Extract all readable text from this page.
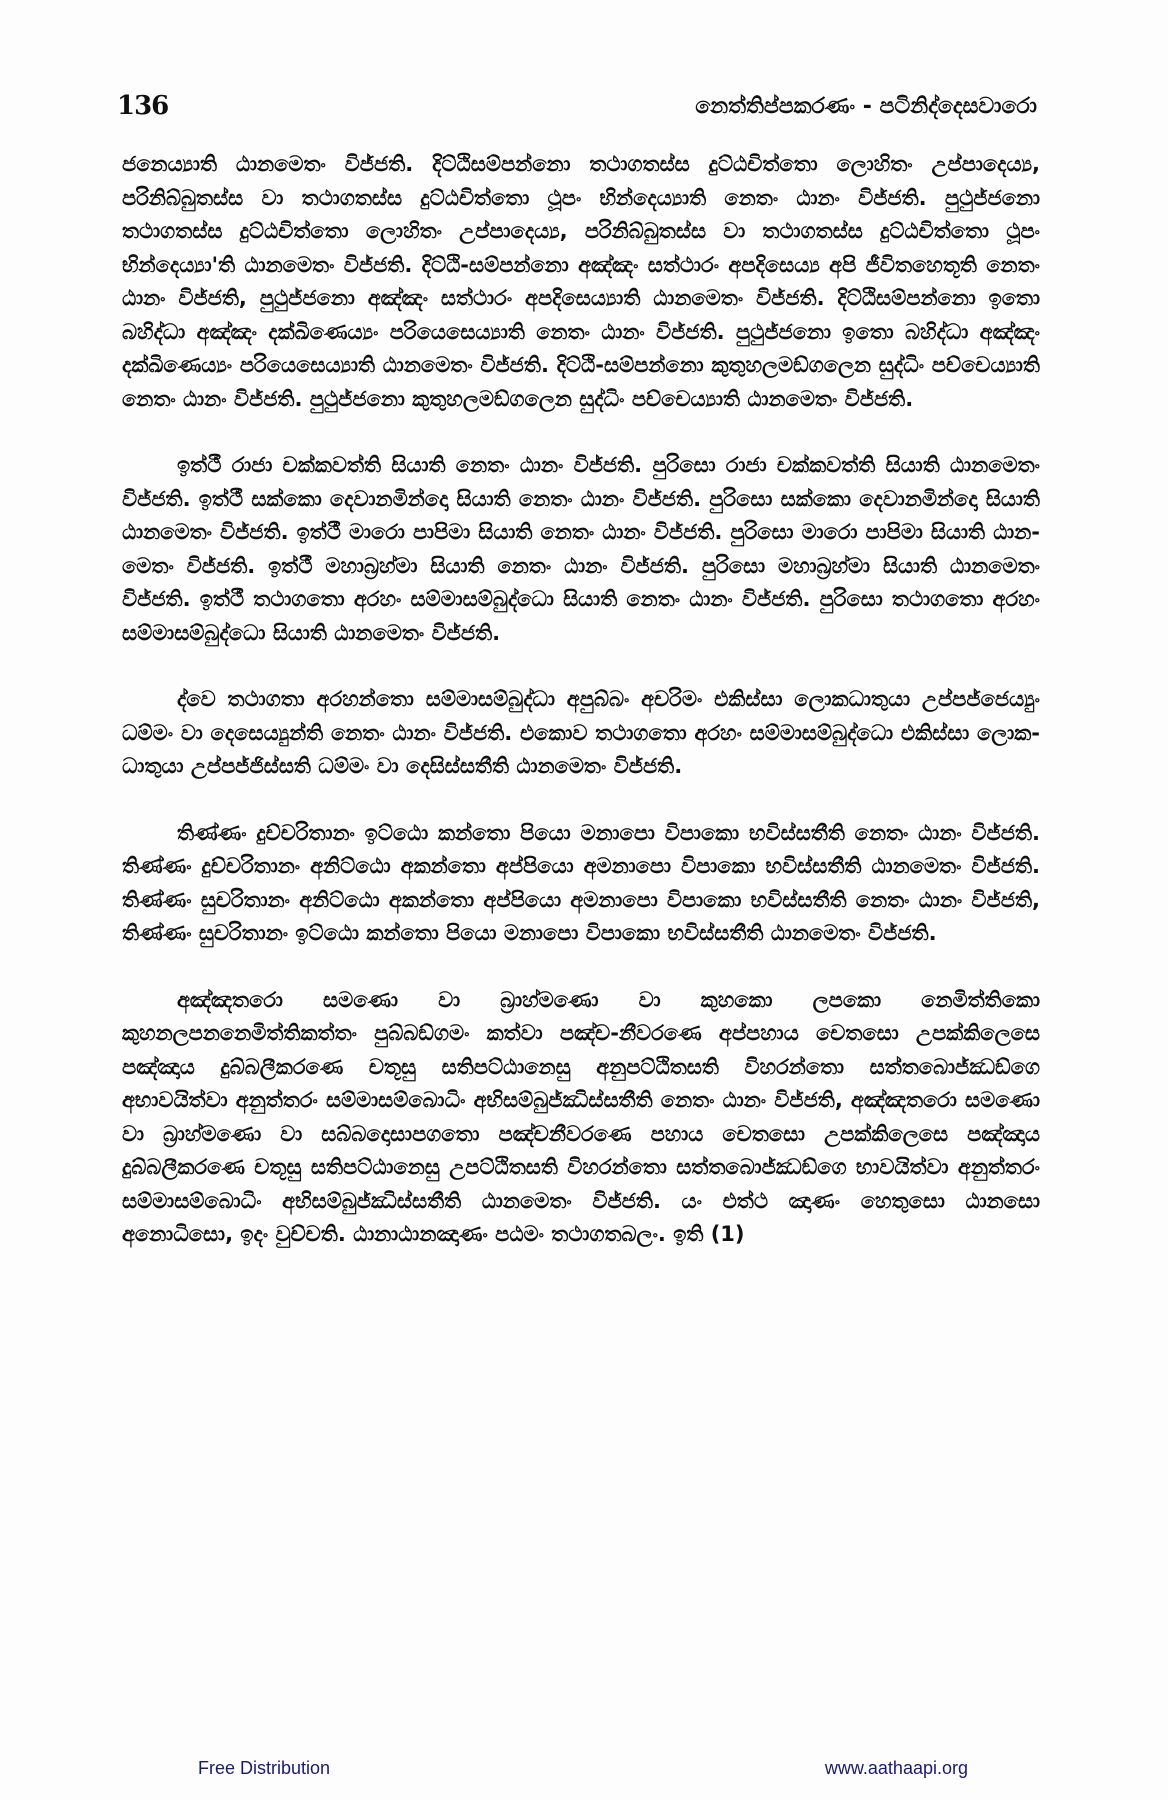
136	නෙත්තිප්පකරණං - පටිනිද්දෙසවාරො

ජනෙය්‍යාති ඨානමෙතං විජ්ජති. දිට්ඨිසම්පන්නො තථාගතස්ස දුට්ඨචිත්තො ලොහිතං උප්පාදෙය්‍ය, පරිනිබ්බුතස්ස වා තථාගතස්ස දුට්ඨචිත්තො ථූපං භින්දෙය්‍යාති නෙතං ඨානං විජ්ජති. පුථුජ්ජනො තථාගතස්ස දුට්ඨචිත්තො ලොහිතං උප්පාදෙය්‍ය, පරිනිබ්බුතස්ස වා තථාගතස්ස දුට්ඨචිත්තො ථූපං භින්දෙය්‍යා'ති ඨානමෙතං විජ්ජති. දිට්ඨි-සම්පන්නො අඤ්ඤං සත්ථාරං අපදිසෙය්‍ය අපි ජීවිතහෙතූති නෙතං ඨානං විජ්ජති, පුථුජ්ජනො අඤ්ඤං සත්ථාරං අපදිසෙය්‍යාති ඨානමෙතං විජ්ජති. දිට්ඨිසම්පන්නො ඉතො බහිද්ධා අඤ්ඤං දක්ඛිණෙය්‍යං පරියෙසෙය්‍යාති නෙතං ඨානං විජ්ජති. පුථුජ්ජනො ඉතො බහිද්ධා අඤ්ඤං දක්ඛිණෙය්‍යං පරියෙසෙය්‍යාති ඨානමෙතං විජ්ජති. දිට්ඨි-සම්පන්නො කුතුහලමඞ්ගලෙන සුද්ධිං පච්චෙය්‍යාති නෙතං ඨානං විජ්ජති. පුථුජ්ජනො කුතුහලමඞ්ගලෙන සුද්ධිං පච්චෙය්‍යාති ඨානමෙතං විජ්ජති.

ඉත්ථී රාජා චක්කවත්ති සියාති නෙතං ඨානං විජ්ජති. පුරිසො රාජා චක්කවත්ති සියාති ඨානමෙතං විජ්ජති. ඉත්ථී සක්කො දෙවානමින්දො සියාති නෙතං ඨානං විජ්ජති. පුරිසො සක්කො දෙවානමින්දො සියාති ඨානමෙතං විජ්ජති. ඉත්ථී මාරො පාපිමා සියාති නෙතං ඨානං විජ්ජති. පුරිසො මාරො පාපිමා සියාති ඨාන-මෙතං විජ්ජති. ඉත්ථී මහාබ්‍රහ්මා සියාති නෙතං ඨානං විජ්ජති. පුරිසො මහාබ්‍රහ්මා සියාති ඨානමෙතං විජ්ජති. ඉත්ථී තථාගතො අරහං සම්මාසම්බුද්ධො සියාති නෙතං ඨානං විජ්ජති. පුරිසො තථාගතො අරහං සම්මාසම්බුද්ධො සියාති ඨානමෙතං විජ්ජති.

ද්වෙ තථාගතා අරහන්තො සම්මාසම්බුද්ධා අපුබ්බං අචරිමං එකිස්සා ලොකධාතුයා උප්පජ්ජෙය්‍යුං ධම්මං වා දෙසෙය්‍යුන්ති නෙතං ඨානං විජ්ජති. එකොව තථාගතො අරහං සම්මාසම්බුද්ධො එකිස්සා ලොක-ධාතුයා උප්පජ්ජිස්සති ධම්මං වා දෙසිස්සතීති ඨානමෙතං විජ්ජති.

තිණ්ණං දුච්චරිතානං ඉට්ඨො කන්තො පියො මනාපො විපාකො භවිස්සතීති නෙතං ඨානං විජ්ජති. තිණ්ණං දුච්චරිතානං අනිට්ඨො අකන්තො අප්පියො අමනාපො විපාකො භවිස්සතීති ඨානමෙතං විජ්ජති. තිණ්ණං සුචරිතානං අනිට්ඨො අකන්තො අප්පියො අමනාපො විපාකො භවිස්සතීති නෙතං ඨානං විජ්ජති, තිණ්ණං සුචරිතානං ඉට්ඨො කන්තො පියො මනාපො විපාකො භවිස්සතීති ඨානමෙතං විජ්ජති.

අඤ්ඤතරො සමණො වා බ්‍රාහ්මණො වා කුහකො ලපකො නෙමිත්තිකො කුහනලපනනෙමිත්තිකත්තං පුබ්බඞ්ගමං කත්වා පඤ්ච-නීවරණෙ අප්පහාය චෙතසො උපක්කිලෙසෙ පඤ්ඤාය දුබ්බලීකරණෙ චතූසු සතිපට්ඨානෙසු අනුපට්ඨිතසති විහරන්තො සත්තබොජ්ඣඞ්ගෙ අභාවයිත්වා අනුත්තරං සම්මාසම්බොධිං අභිසම්බුජ්ඣිස්සතීති නෙතං ඨානං විජ්ජති, අඤ්ඤතරො සමණො වා බ්‍රාහ්මණො වා සබ්බදොසාපගතො පඤ්චනීවරණෙ පහාය චෙතසො උපක්කිලෙසෙ පඤ්ඤාය දුබ්බලීකරණෙ චතූසු සතිපට්ඨානෙසු උපට්ඨිතසති විහරන්තො සත්තබොජ්ඣඞ්ගෙ භාවයිත්වා අනුත්තරං සම්මාසම්බොධිං අභිසම්බුජ්ඣිස්සතීති ඨානමෙතං විජ්ජති. යං එත්ථ ඤාණං හෙතුසො ඨානසො අනොධිසො, ඉදං වුච්චති. ඨානාඨානඤාණං පඨමං තථාගතබලං. ඉති (1)

Free Distribution	www.aathaapi.org
